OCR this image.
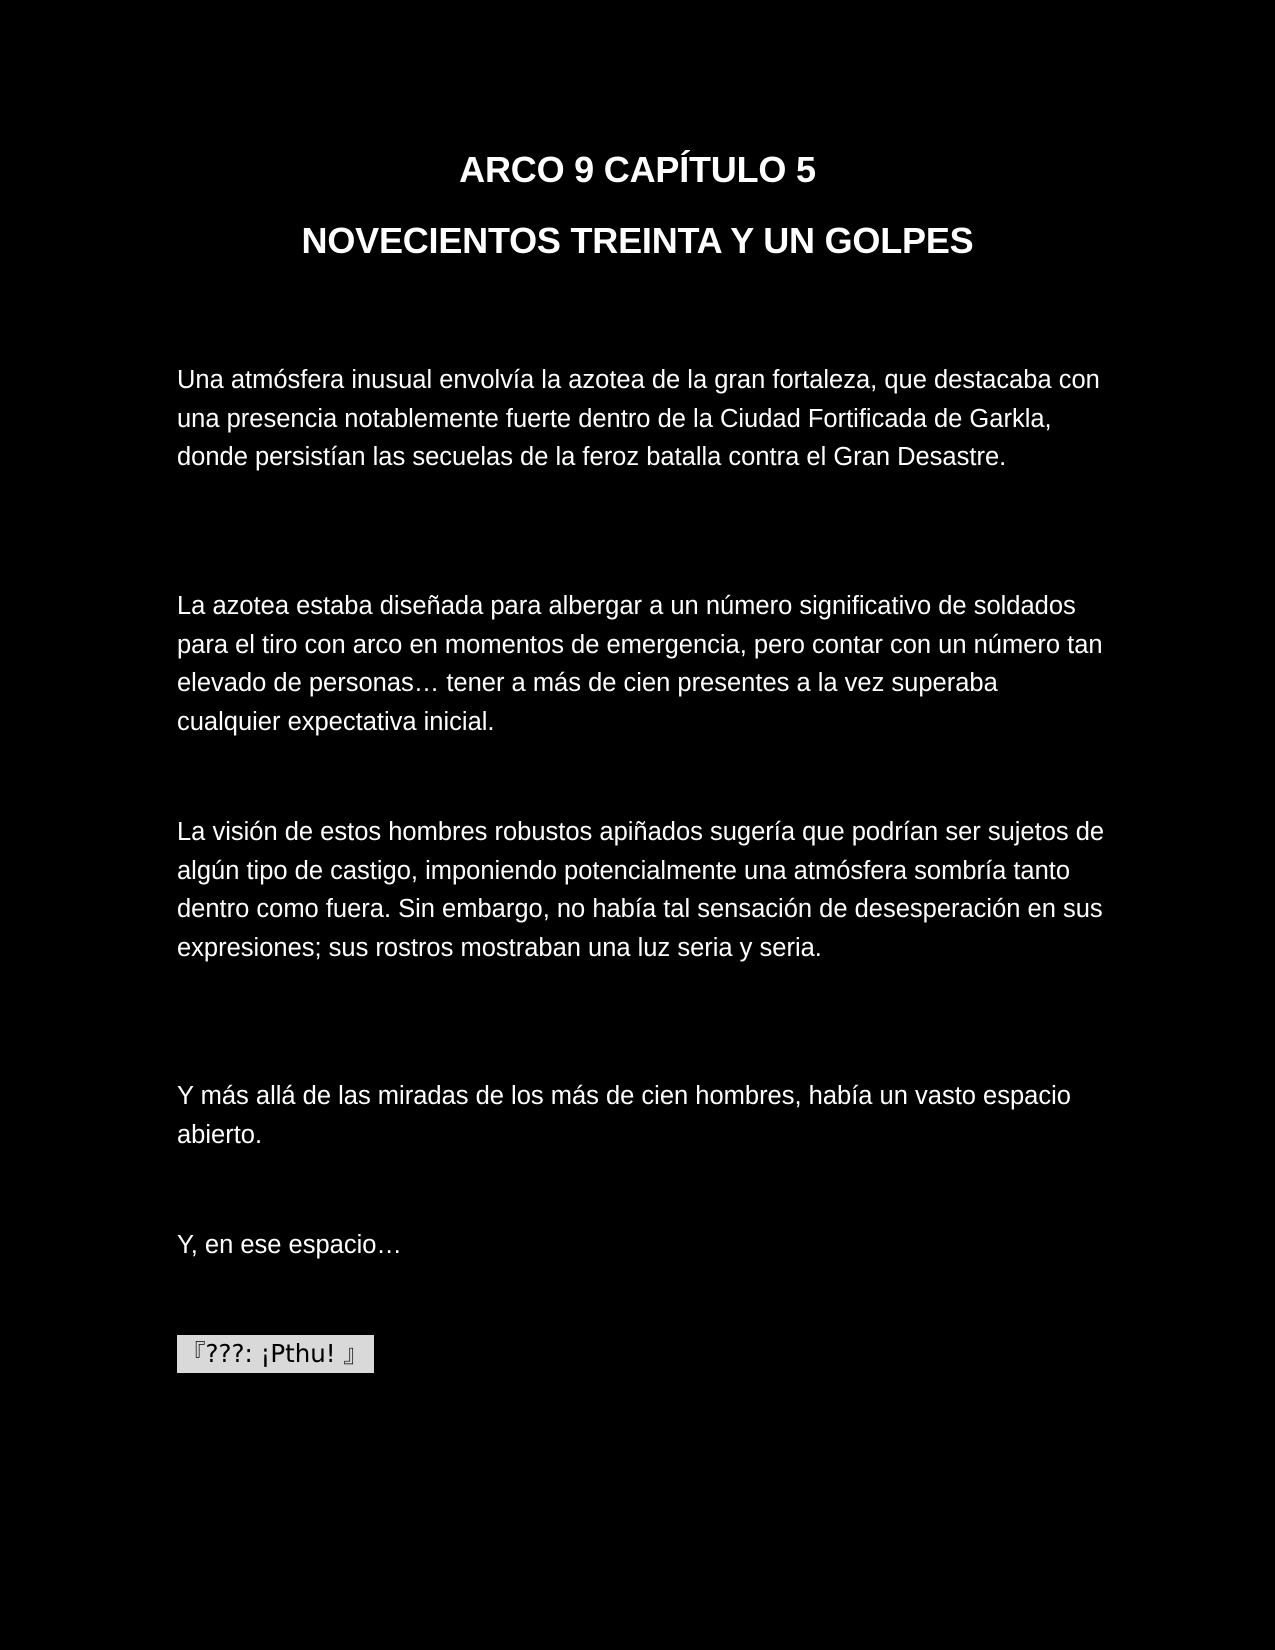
ARCO 9 CAPÍTULO 5

NOVECIENTOS TREINTA Y UN GOLPES

Una atmósfera inusual envolvía la azotea de la gran fortaleza, que destacaba con una presencia notablemente fuerte dentro de la Ciudad Fortificada de Garkla, donde persistían las secuelas de la feroz batalla contra el Gran Desastre.

La azotea estaba diseñada para albergar a un número significativo de soldados para el tiro con arco en momentos de emergencia, pero contar con un número tan elevado de personas… tener a más de cien presentes a la vez superaba cualquier expectativa inicial.

La visión de estos hombres robustos apiñados sugería que podrían ser sujetos de algún tipo de castigo, imponiendo potencialmente una atmósfera sombría tanto dentro como fuera. Sin embargo, no había tal sensación de desesperación en sus expresiones; sus rostros mostraban una luz seria y seria.

Y más allá de las miradas de los más de cien hombres, había un vasto espacio abierto.

Y, en ese espacio…

『???: ¡Pthu! 』
